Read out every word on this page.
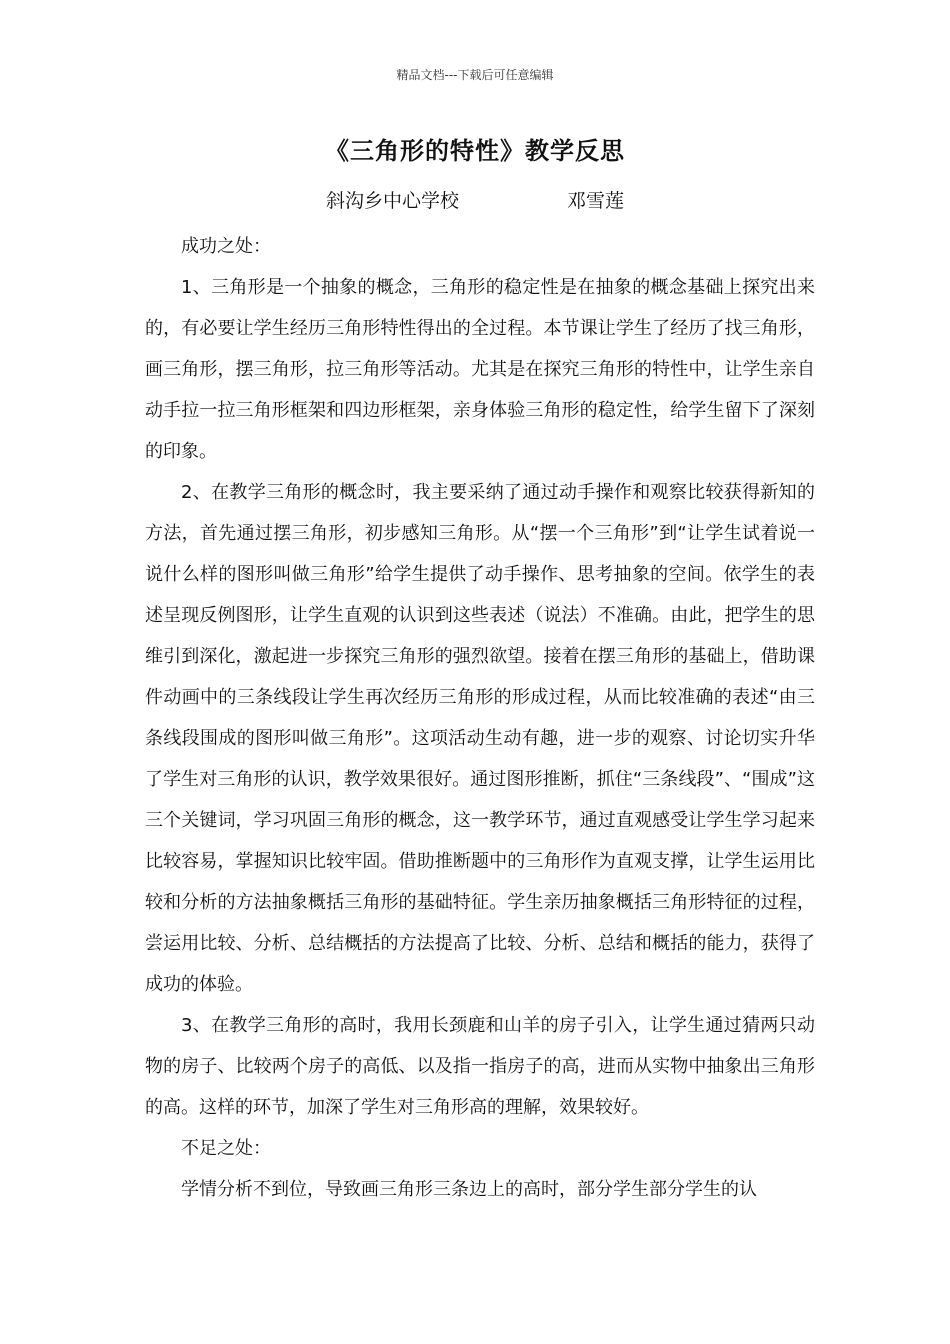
精品文档---下载后可任意编辑
《三角形的特性》教学反思
斜沟乡中心学校	邓雪莲

成功之处：

1、三角形是一个抽象的概念，三角形的稳定性是在抽象的概念基础上探究出来的，有必要让学生经历三角形特性得出的全过程。本节课让学生了经历了找三角形，画三角形，摆三角形，拉三角形等活动。尤其是在探究三角形的特性中，让学生亲自动手拉一拉三角形框架和四边形框架，亲身体验三角形的稳定性，给学生留下了深刻的印象。

2、在教学三角形的概念时，我主要采纳了通过动手操作和观察比较获得新知的方法，首先通过摆三角形，初步感知三角形。从“摆一个三角形”到“让学生试着说一说什么样的图形叫做三角形”给学生提供了动手操作、思考抽象的空间。依学生的表述呈现反例图形，让学生直观的认识到这些表述（说法）不准确。由此，把学生的思维引到深化，激起进一步探究三角形的强烈欲望。接着在摆三角形的基础上，借助课件动画中的三条线段让学生再次经历三角形的形成过程，从而比较准确的表述“由三条线段围成的图形叫做三角形”。这项活动生动有趣，进一步的观察、讨论切实升华了学生对三角形的认识，教学效果很好。通过图形推断，抓住“三条线段”、“围成”这三个关键词，学习巩固三角形的概念，这一教学环节，通过直观感受让学生学习起来比较容易，掌握知识比较牢固。借助推断题中的三角形作为直观支撑，让学生运用比较和分析的方法抽象概括三角形的基础特征。学生亲历抽象概括三角形特征的过程，尝运用比较、分析、总结概括的方法提高了比较、分析、总结和概括的能力，获得了成功的体验。

3、在教学三角形的高时，我用长颈鹿和山羊的房子引入，让学生通过猜两只动物的房子、比较两个房子的高低、以及指一指房子的高，进而从实物中抽象出三角形的高。这样的环节，加深了学生对三角形高的理解，效果较好。

不足之处：

学情分析不到位，导致画三角形三条边上的高时，部分学生部分学生的认
